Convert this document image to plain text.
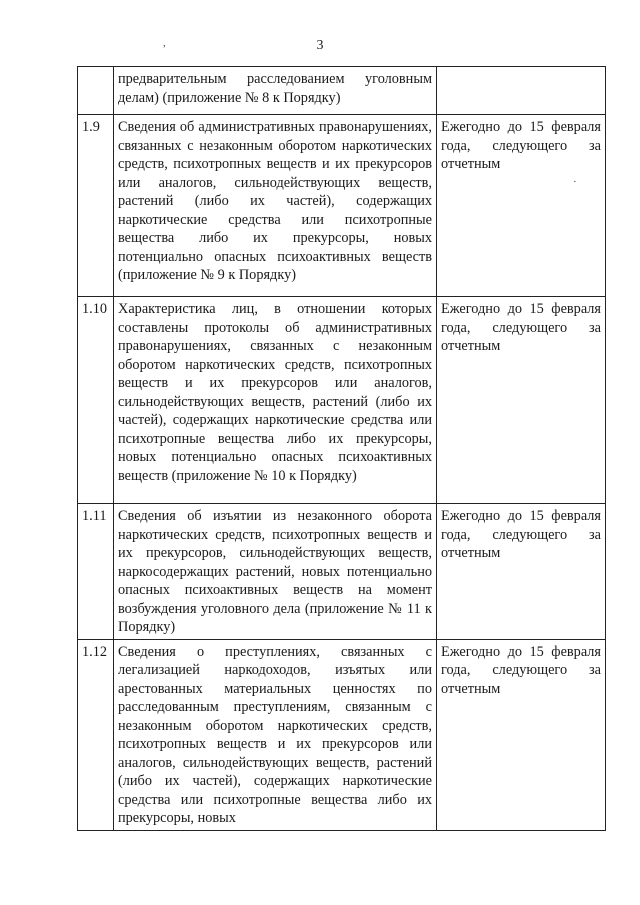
3
,
·

	предварительным расследованием уголовным делам) (приложение № 8 к Порядку)	

1.9	Сведения об административных правонарушениях, связанных с незаконным оборотом наркотических средств, психотропных веществ и их прекурсоров или аналогов, сильнодействующих веществ, растений (либо их частей), содержащих наркотические средства или психотропные вещества либо их прекурсоры, новых потенциально опасных психоактивных веществ (приложение № 9 к Порядку)	Ежегодно до 15 февраля года, следующего за отчетным

1.10	Характеристика лиц, в отношении которых составлены протоколы об административных правонарушениях, связанных с незаконным оборотом наркотических средств, психотропных веществ и их прекурсоров или аналогов, сильнодействующих веществ, растений (либо их частей), содержащих наркотические средства или психотропные вещества либо их прекурсоры, новых потенциально опасных психоактивных веществ (приложение № 10 к Порядку)	Ежегодно до 15 февраля года, следующего за отчетным

1.11	Сведения об изъятии из незаконного оборота наркотических средств, психотропных веществ и их прекурсоров, сильнодействующих веществ, наркосодержащих растений, новых потенциально опасных психоактивных веществ на момент возбуждения уголовного дела (приложение № 11 к Порядку)	Ежегодно до 15 февраля года, следующего за отчетным

1.12	Сведения о преступлениях, связанных с легализацией наркодоходов, изъятых или арестованных материальных ценностях по расследованным преступлениям, связанным с незаконным оборотом наркотических средств, психотропных веществ и их прекурсоров или аналогов, сильнодействующих веществ, растений (либо их частей), содержащих наркотические средства или психотропные вещества либо их прекурсоры, новых	Ежегодно до 15 февраля года, следующего за отчетным
